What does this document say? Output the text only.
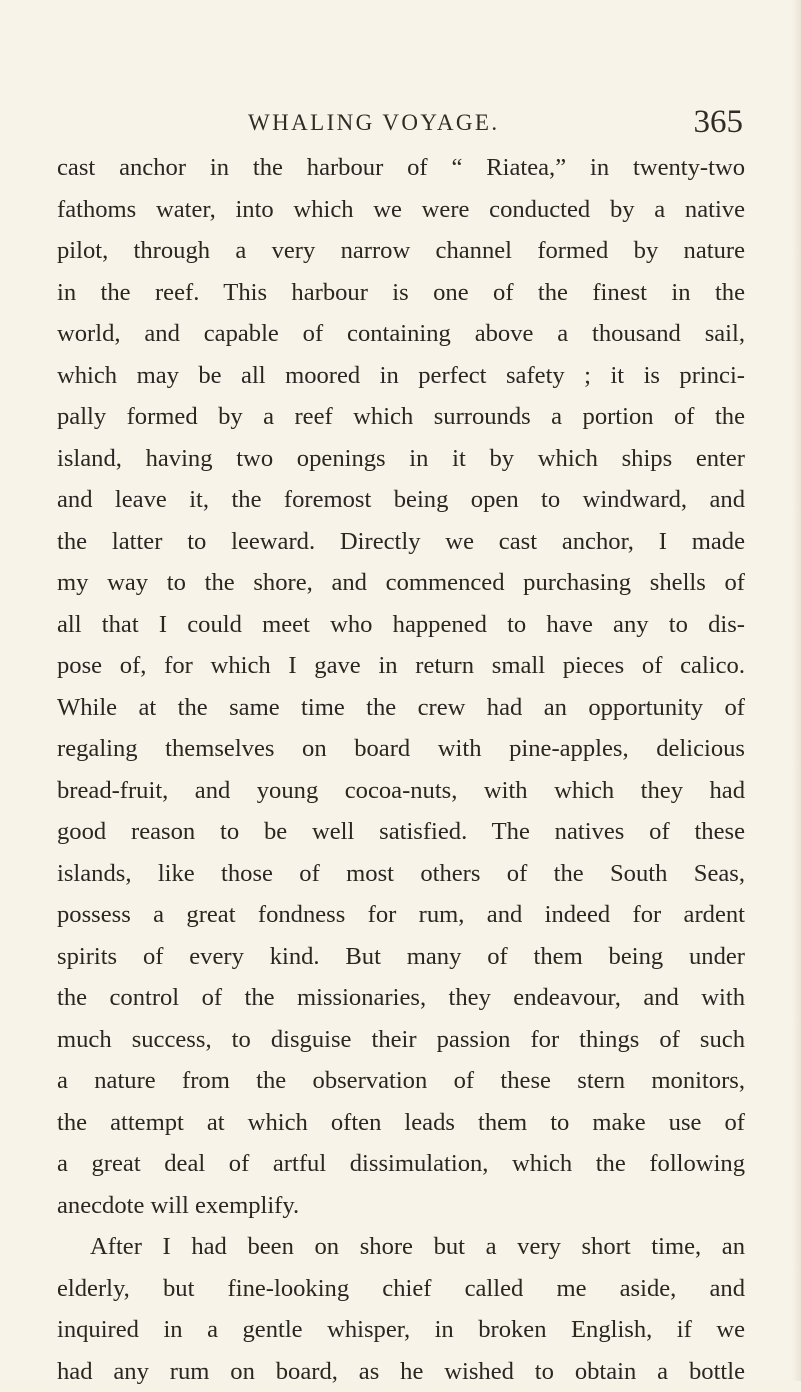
WHALING VOYAGE.	365
cast anchor in the harbour of “ Riatea,” in twenty-two
fathoms water, into which we were conducted by a native
pilot, through a very narrow channel formed by nature
in the reef. This harbour is one of the finest in the
world, and capable of containing above a thousand sail,
which may be all moored in perfect safety ; it is princi-
pally formed by a reef which surrounds a portion of the
island, having two openings in it by which ships enter
and leave it, the foremost being open to windward, and
the latter to leeward. Directly we cast anchor, I made
my way to the shore, and commenced purchasing shells of
all that I could meet who happened to have any to dis-
pose of, for which I gave in return small pieces of calico.
While at the same time the crew had an opportunity of
regaling themselves on board with pine-apples, delicious
bread-fruit, and young cocoa-nuts, with which they had
good reason to be well satisfied. The natives of these
islands, like those of most others of the South Seas,
possess a great fondness for rum, and indeed for ardent
spirits of every kind. But many of them being under
the control of the missionaries, they endeavour, and with
much success, to disguise their passion for things of such
a nature from the observation of these stern monitors,
the attempt at which often leads them to make use of
a great deal of artful dissimulation, which the following
anecdote will exemplify.
After I had been on shore but a very short time, an
elderly, but fine-looking chief called me aside, and
inquired in a gentle whisper, in broken English, if we
had any rum on board, as he wished to obtain a bottle
